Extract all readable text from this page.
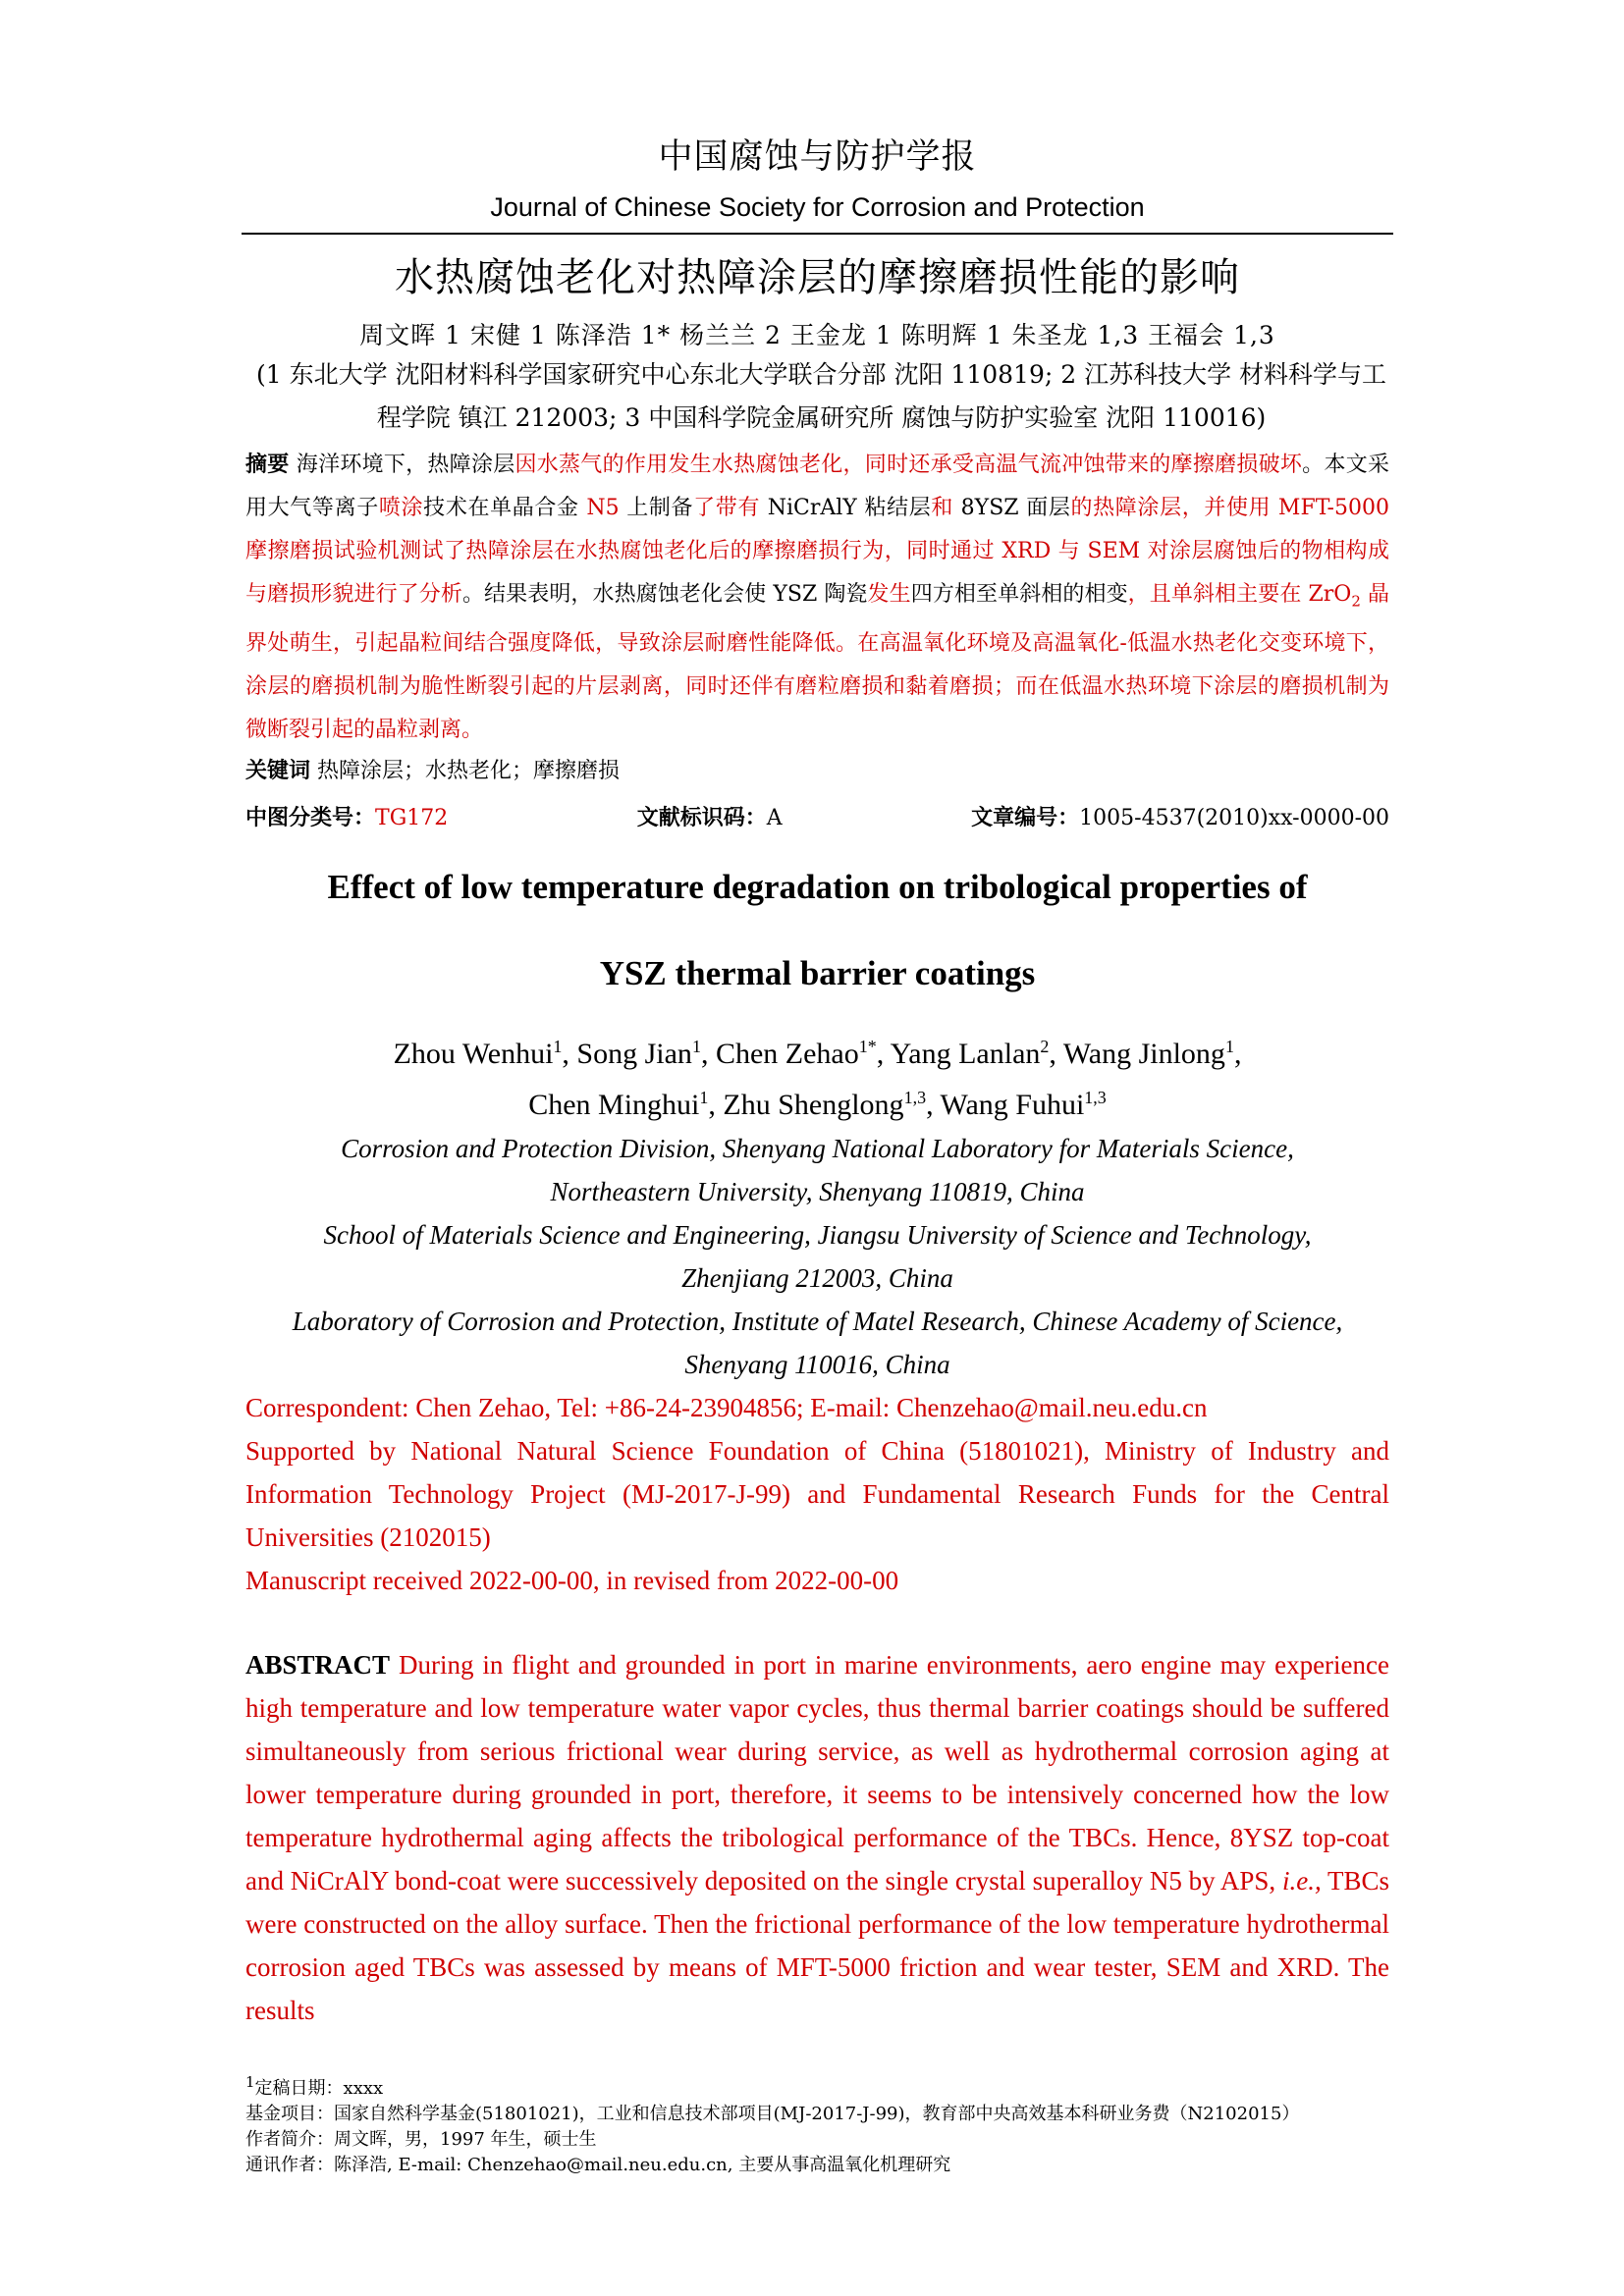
中国腐蚀与防护学报
Journal of Chinese Society for Corrosion and Protection
水热腐蚀老化对热障涂层的摩擦磨损性能的影响
周文晖 1 宋健 1 陈泽浩 1* 杨兰兰 2 王金龙 1 陈明辉 1 朱圣龙 1,3 王福会 1,3
(1 东北大学 沈阳材料科学国家研究中心东北大学联合分部 沈阳 110819; 2 江苏科技大学 材料科学与工程学院 镇江 212003; 3 中国科学院金属研究所 腐蚀与防护实验室 沈阳 110016)
摘要 海洋环境下，热障涂层因水蒸气的作用发生水热腐蚀老化，同时还承受高温气流冲蚀带来的摩擦磨损破坏。本文采用大气等离子喷涂技术在单晶合金 N5 上制备了带有 NiCrAlY 粘结层和 8YSZ 面层的热障涂层，并使用 MFT-5000 摩擦磨损试验机测试了热障涂层在水热腐蚀老化后的摩擦磨损行为，同时通过 XRD 与 SEM 对涂层腐蚀后的物相构成与磨损形貌进行了分析。结果表明，水热腐蚀老化会使 YSZ 陶瓷发生四方相至单斜相的相变，且单斜相主要在 ZrO$_2$ 晶界处萌生，引起晶粒间结合强度降低，导致涂层耐磨性能降低。在高温氧化环境及高温氧化-低温水热老化交变环境下，涂层的磨损机制为脆性断裂引起的片层剥离，同时还伴有磨粒磨损和黏着磨损；而在低温水热环境下涂层的磨损机制为微断裂引起的晶粒剥离。
关键词 热障涂层；水热老化；摩擦磨损
中图分类号：TG172	文献标识码：A	文章编号：1005-4537(2010)xx-0000-00
Effect of low temperature degradation on tribological properties of
YSZ thermal barrier coatings
Zhou Wenhui$^1$, Song Jian$^1$, Chen Zehao$^{1*}$, Yang Lanlan$^2$, Wang Jinlong$^1$,
Chen Minghui$^1$, Zhu Shenglong$^{1,3}$, Wang Fuhui$^{1,3}$
Corrosion and Protection Division, Shenyang National Laboratory for Materials Science,
Northeastern University, Shenyang 110819, China
School of Materials Science and Engineering, Jiangsu University of Science and Technology,
Zhenjiang 212003, China
Laboratory of Corrosion and Protection, Institute of Matel Research, Chinese Academy of Science,
Shenyang 110016, China
Correspondent: Chen Zehao, Tel: +86-24-23904856; E-mail: Chenzehao@mail.neu.edu.cn
Supported by National Natural Science Foundation of China (51801021), Ministry of Industry and Information Technology Project (MJ-2017-J-99) and Fundamental Research Funds for the Central Universities (2102015)
Manuscript received 2022-00-00, in revised from 2022-00-00
ABSTRACT During in flight and grounded in port in marine environments, aero engine may experience high temperature and low temperature water vapor cycles, thus thermal barrier coatings should be suffered simultaneously from serious frictional wear during service, as well as hydrothermal corrosion aging at lower temperature during grounded in port, therefore, it seems to be intensively concerned how the low temperature hydrothermal aging affects the tribological performance of the TBCs. Hence, 8YSZ top-coat and NiCrAlY bond-coat were successively deposited on the single crystal superalloy N5 by APS, i.e., TBCs were constructed on the alloy surface. Then the frictional performance of the low temperature hydrothermal corrosion aged TBCs was assessed by means of MFT-5000 friction and wear tester, SEM and XRD. The results
$^1$定稿日期：xxxx
基金项目：国家自然科学基金(51801021)，工业和信息技术部项目(MJ-2017-J-99)，教育部中央高效基本科研业务费（N2102015）
作者简介：周文晖，男，1997 年生，硕士生
通讯作者：陈泽浩, E-mail: Chenzehao@mail.neu.edu.cn, 主要从事高温氧化机理研究
